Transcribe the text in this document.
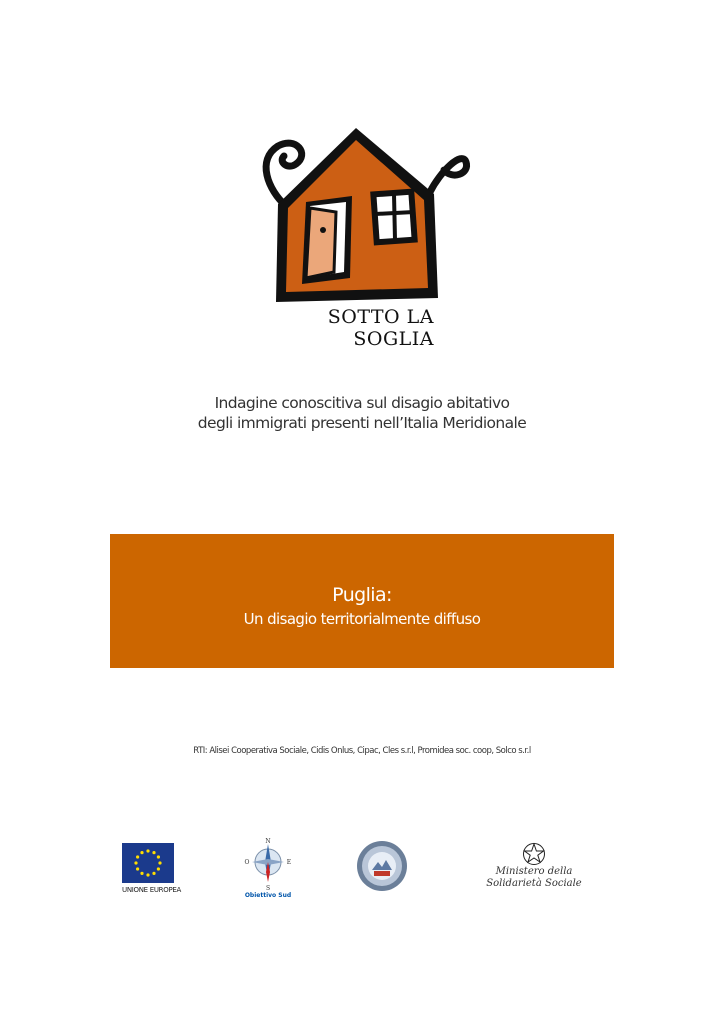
SOTTO LA SOGLIA
Indagine conoscitiva sul disagio abitativo
degli immigrati presenti nell’Italia Meridionale
Puglia:
Un disagio territorialmente diffuso
RTI: Alisei Cooperativa Sociale, Cidis Onlus, Cipac, Cles s.r.l, Promidea soc. coop, Solco s.r.l
UNIONE EUROPEA
N
O	E
S
Obiettivo Sud
Ministero della
Solidarietà Sociale
